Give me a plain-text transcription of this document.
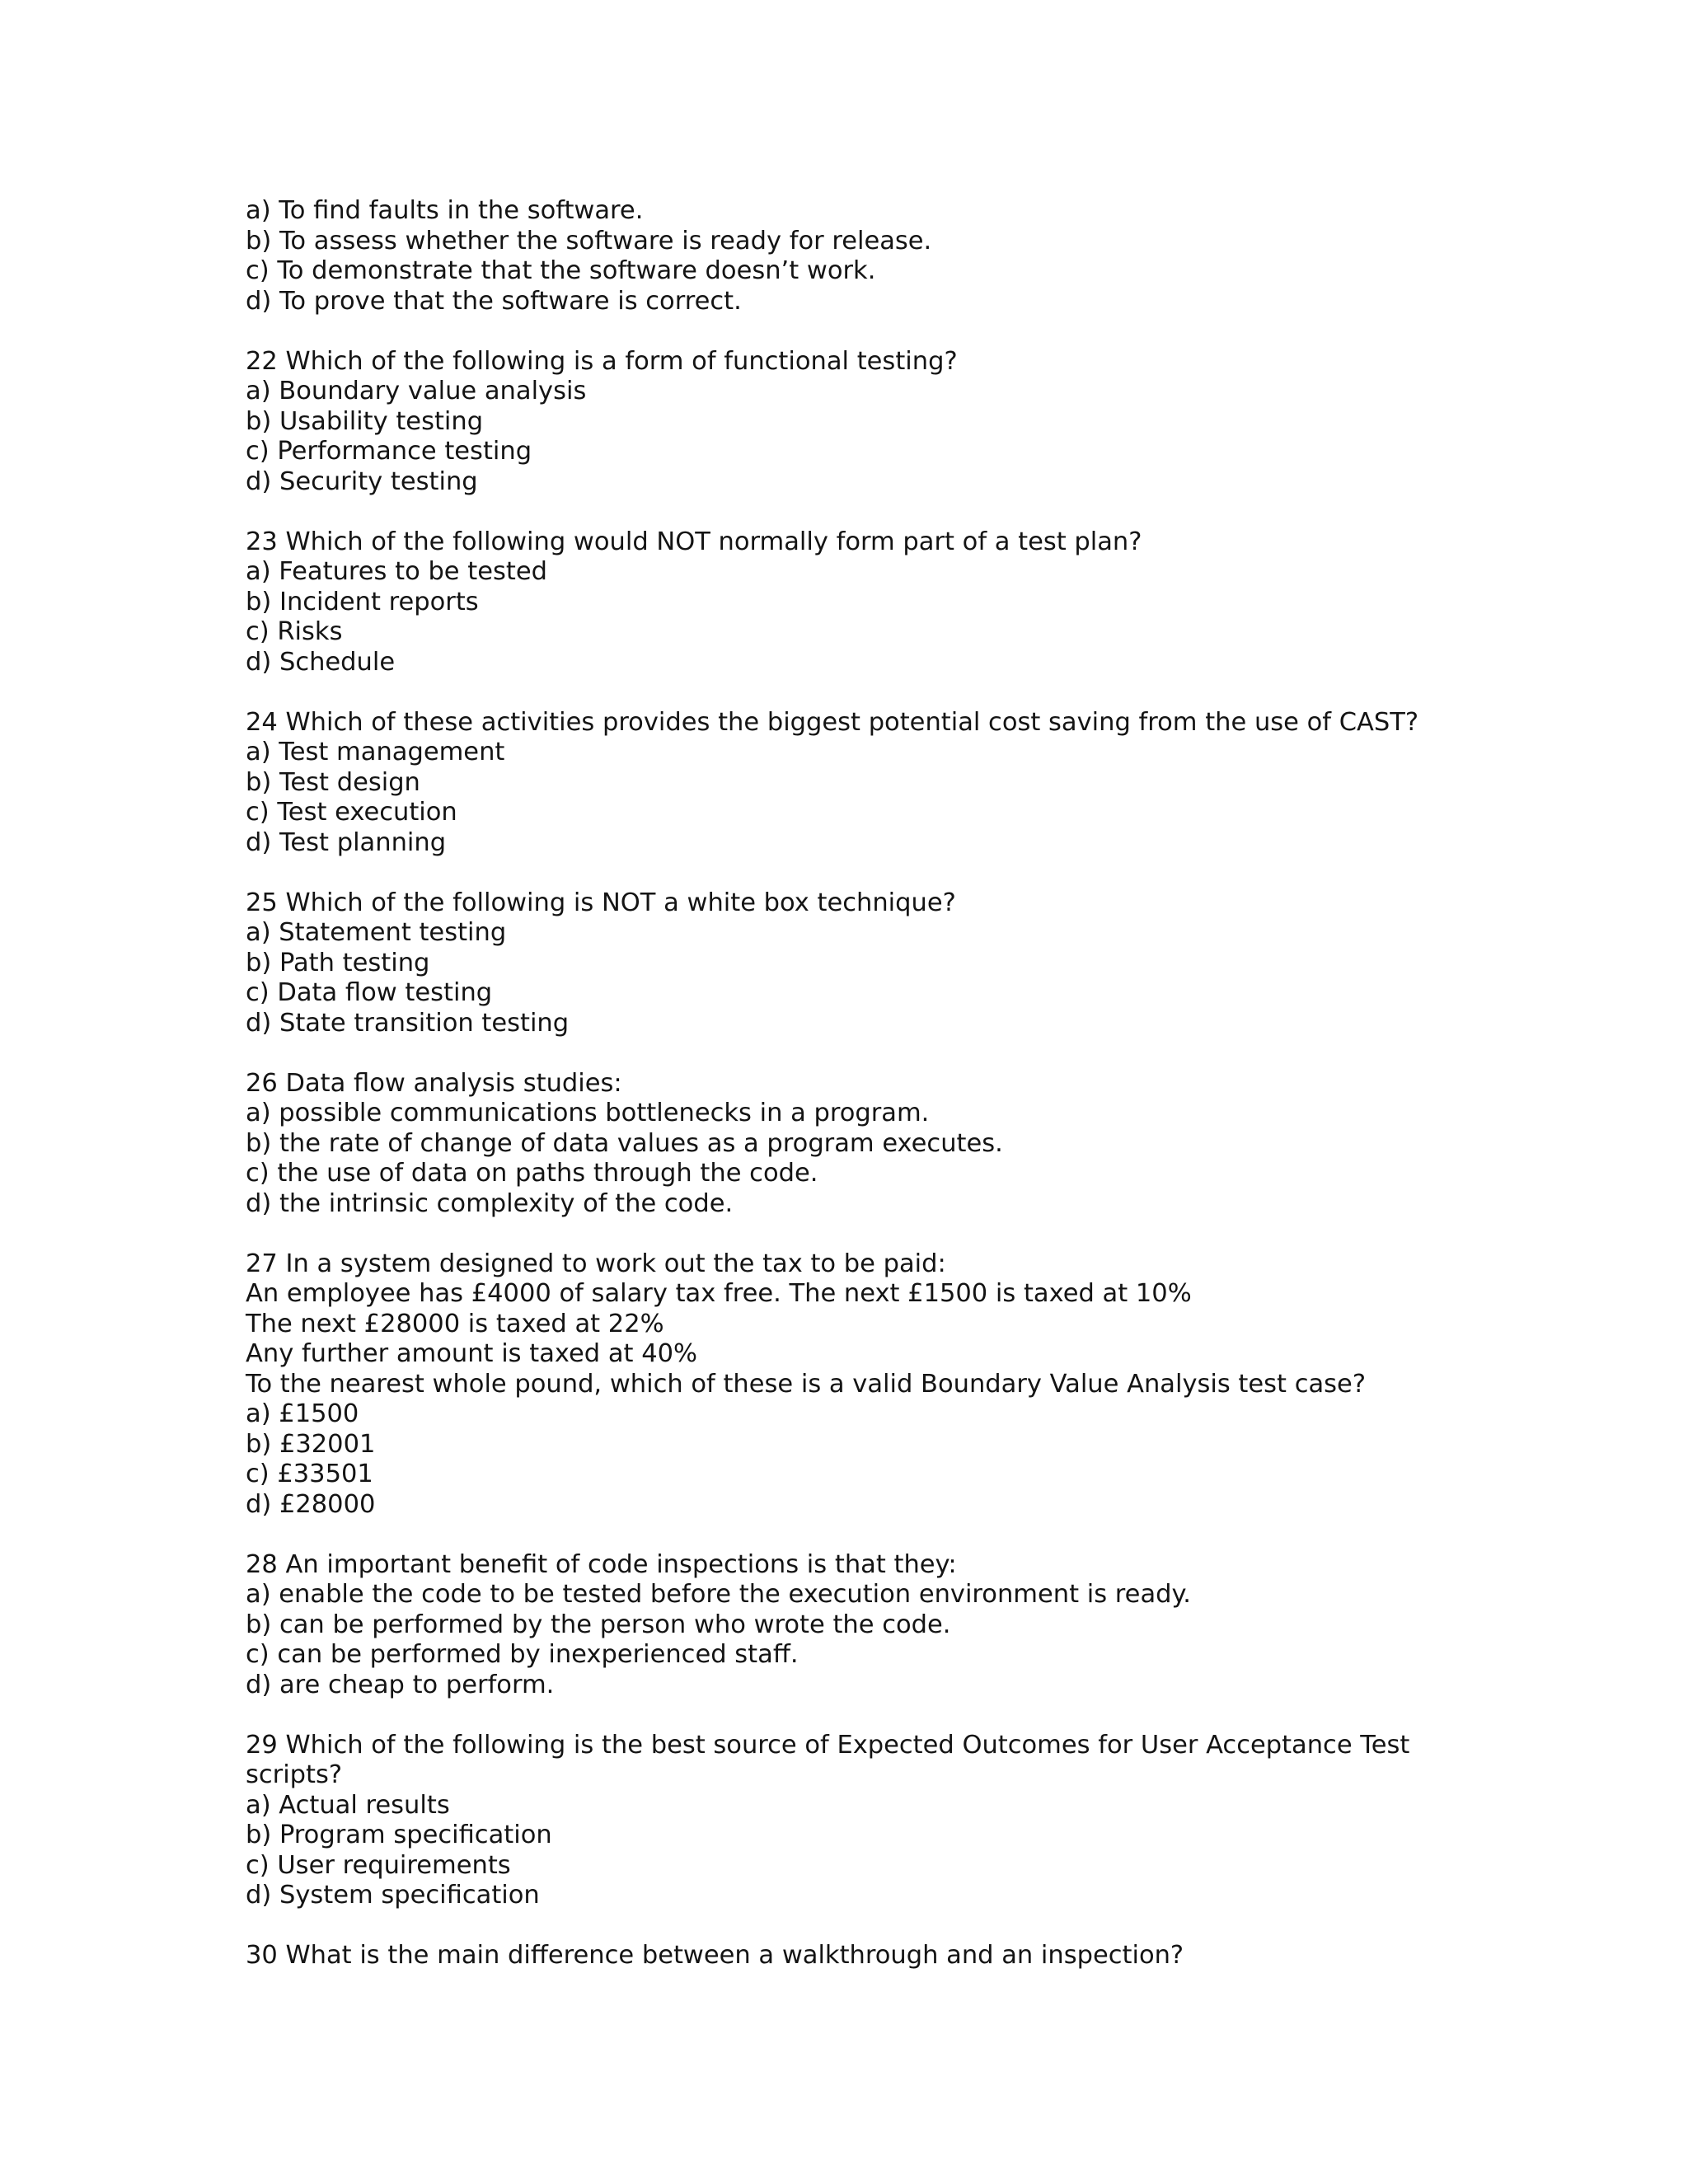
a) To find faults in the software.
b) To assess whether the software is ready for release.
c) To demonstrate that the software doesn’t work.
d) To prove that the software is correct.
22 Which of the following is a form of functional testing?
a) Boundary value analysis
b) Usability testing
c) Performance testing
d) Security testing
23 Which of the following would NOT normally form part of a test plan?
a) Features to be tested
b) Incident reports
c) Risks
d) Schedule
24 Which of these activities provides the biggest potential cost saving from the use of CAST?
a) Test management
b) Test design
c) Test execution
d) Test planning
25 Which of the following is NOT a white box technique?
a) Statement testing
b) Path testing
c) Data flow testing
d) State transition testing
26 Data flow analysis studies:
a) possible communications bottlenecks in a program.
b) the rate of change of data values as a program executes.
c) the use of data on paths through the code.
d) the intrinsic complexity of the code.
27 In a system designed to work out the tax to be paid:
An employee has £4000 of salary tax free. The next £1500 is taxed at 10%
The next £28000 is taxed at 22%
Any further amount is taxed at 40%
To the nearest whole pound, which of these is a valid Boundary Value Analysis test case?
a) £1500
b) £32001
c) £33501
d) £28000
28 An important benefit of code inspections is that they:
a) enable the code to be tested before the execution environment is ready.
b) can be performed by the person who wrote the code.
c) can be performed by inexperienced staff.
d) are cheap to perform.
29 Which of the following is the best source of Expected Outcomes for User Acceptance Test
scripts?
a) Actual results
b) Program specification
c) User requirements
d) System specification
30 What is the main difference between a walkthrough and an inspection?
